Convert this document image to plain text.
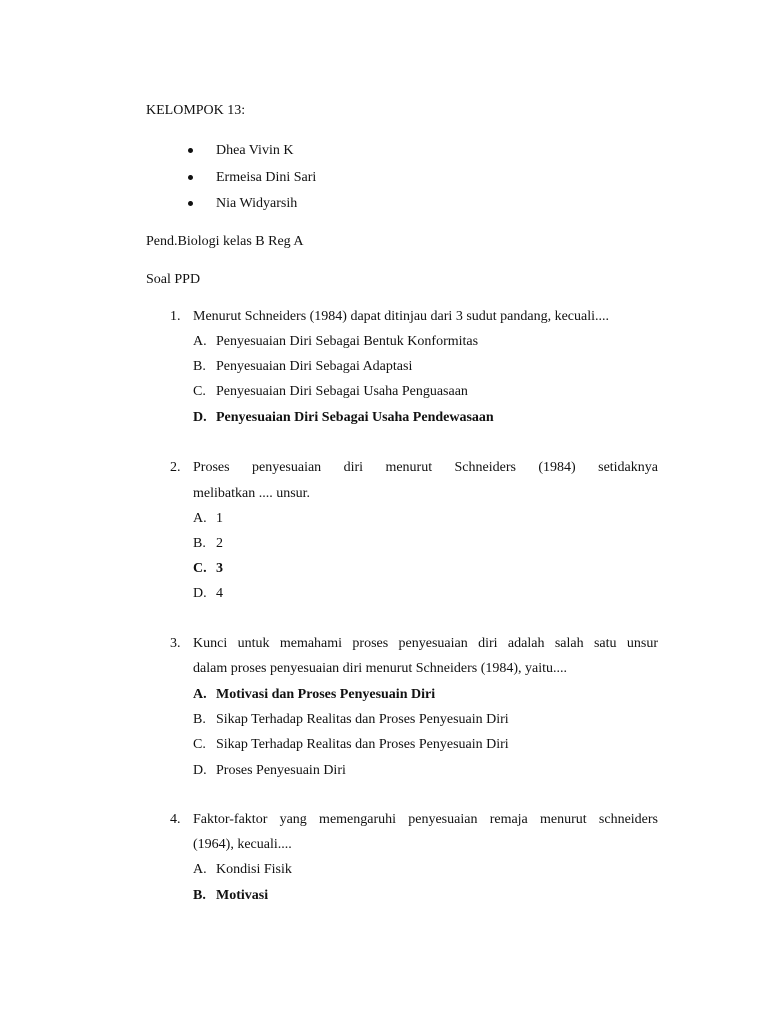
KELOMPOK 13:
Dhea Vivin K
Ermeisa Dini Sari
Nia Widyarsih
Pend.Biologi kelas B Reg A
Soal PPD
1. Menurut Schneiders (1984) dapat ditinjau dari 3 sudut pandang, kecuali....
A. Penyesuaian Diri Sebagai Bentuk Konformitas
B. Penyesuaian Diri Sebagai Adaptasi
C. Penyesuaian Diri Sebagai Usaha Penguasaan
D. Penyesuaian Diri Sebagai Usaha Pendewasaan
2. Proses penyesuaian diri menurut Schneiders (1984) setidaknya
melibatkan .... unsur.
A. 1
B. 2
C. 3
D. 4
3. Kunci untuk memahami proses penyesuaian diri adalah salah satu unsur
dalam proses penyesuaian diri menurut Schneiders (1984), yaitu....
A. Motivasi dan Proses Penyesuain Diri
B. Sikap Terhadap Realitas dan Proses Penyesuain Diri
C. Sikap Terhadap Realitas dan Proses Penyesuain Diri
D. Proses Penyesuain Diri
4. Faktor-faktor yang memengaruhi penyesuaian remaja menurut schneiders
(1964), kecuali....
A. Kondisi Fisik
B. Motivasi
